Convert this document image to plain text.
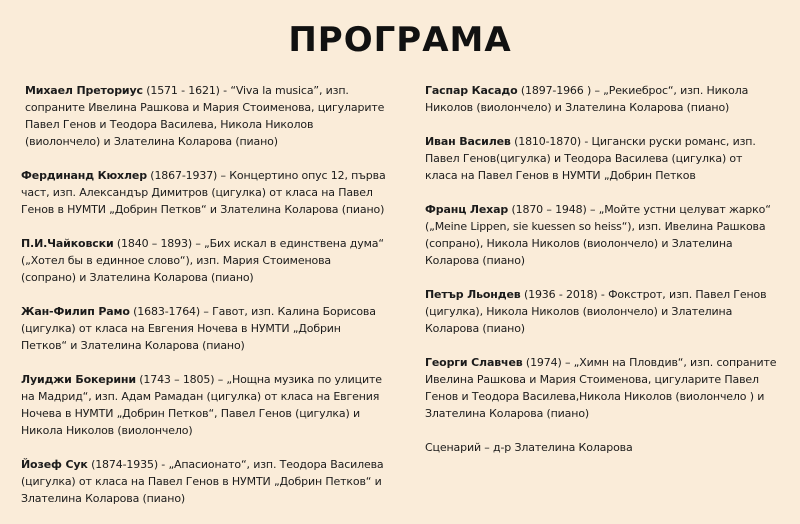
ПРОГРАМА
Михаел Преториус (1571 - 1621) - “Viva la musica”, изп. сопраните Ивелина Рашкова и Мария Стоименова, цигуларите Павел Генов и Теодора Василева, Никола Николов (виолончело) и Злателина Коларова (пиано)
Фердинанд Кюхлер (1867-1937) – Концертино опус 12, първа част, изп. Александър Димитров (цигулка) от класа на Павел Генов в НУМТИ „Добрин Петков“ и Злателина Коларова (пиано)
П.И.Чайковски (1840 – 1893) – „Бих искал в единствена дума“ („Хотел бы в единное слово“), изп. Мария Стоименова (сопрано) и Злателина Коларова (пиано)
Жан-Филип Рамо (1683-1764) – Гавот, изп. Калина Борисова (цигулка) от класа на Евгения Ночева в НУМТИ „Добрин Петков“ и Злателина Коларова (пиано)
Луиджи Бокерини (1743 – 1805) – „Нощна музика по улиците на Мадрид“, изп. Адам Рамадан (цигулка) от класа на Евгения Ночева в НУМТИ „Добрин Петков“, Павел Генов (цигулка) и Никола Николов (виолончело)
Йозеф Сук (1874-1935) - „Апасионато“, изп. Теодора Василева (цигулка) от класа на Павел Генов в НУМТИ „Добрин Петков“ и Злателина Коларова (пиано)
Гаспар Касадо (1897-1966 ) – „Рекиеброс“, изп. Никола Николов (виолончело) и Злателина Коларова (пиано)
Иван Василев (1810-1870) - Цигански руски романс, изп. Павел Генов(цигулка) и Теодора Василева (цигулка) от класа на Павел Генов в НУМТИ „Добрин Петков
Франц Лехар (1870 – 1948) – „Мойте устни целуват жарко“ („Meine Lippen, sie kuessen so heiss“), изп. Ивелина Рашкова (сопрано), Никола Николов (виолончело) и Злателина Коларова (пиано)
Петър Льондев (1936 - 2018) - Фокстрот, изп. Павел Генов (цигулка), Никола Николов (виолончело) и Злателина Коларова (пиано)
Георги Славчев (1974) – „Химн на Пловдив“, изп. сопраните Ивелина Рашкова и Мария Стоименова, цигуларите Павел Генов и Теодора Василева,Никола Николов (виолончело ) и Злателина Коларова (пиано)
Сценарий – д-р Злателина Коларова
